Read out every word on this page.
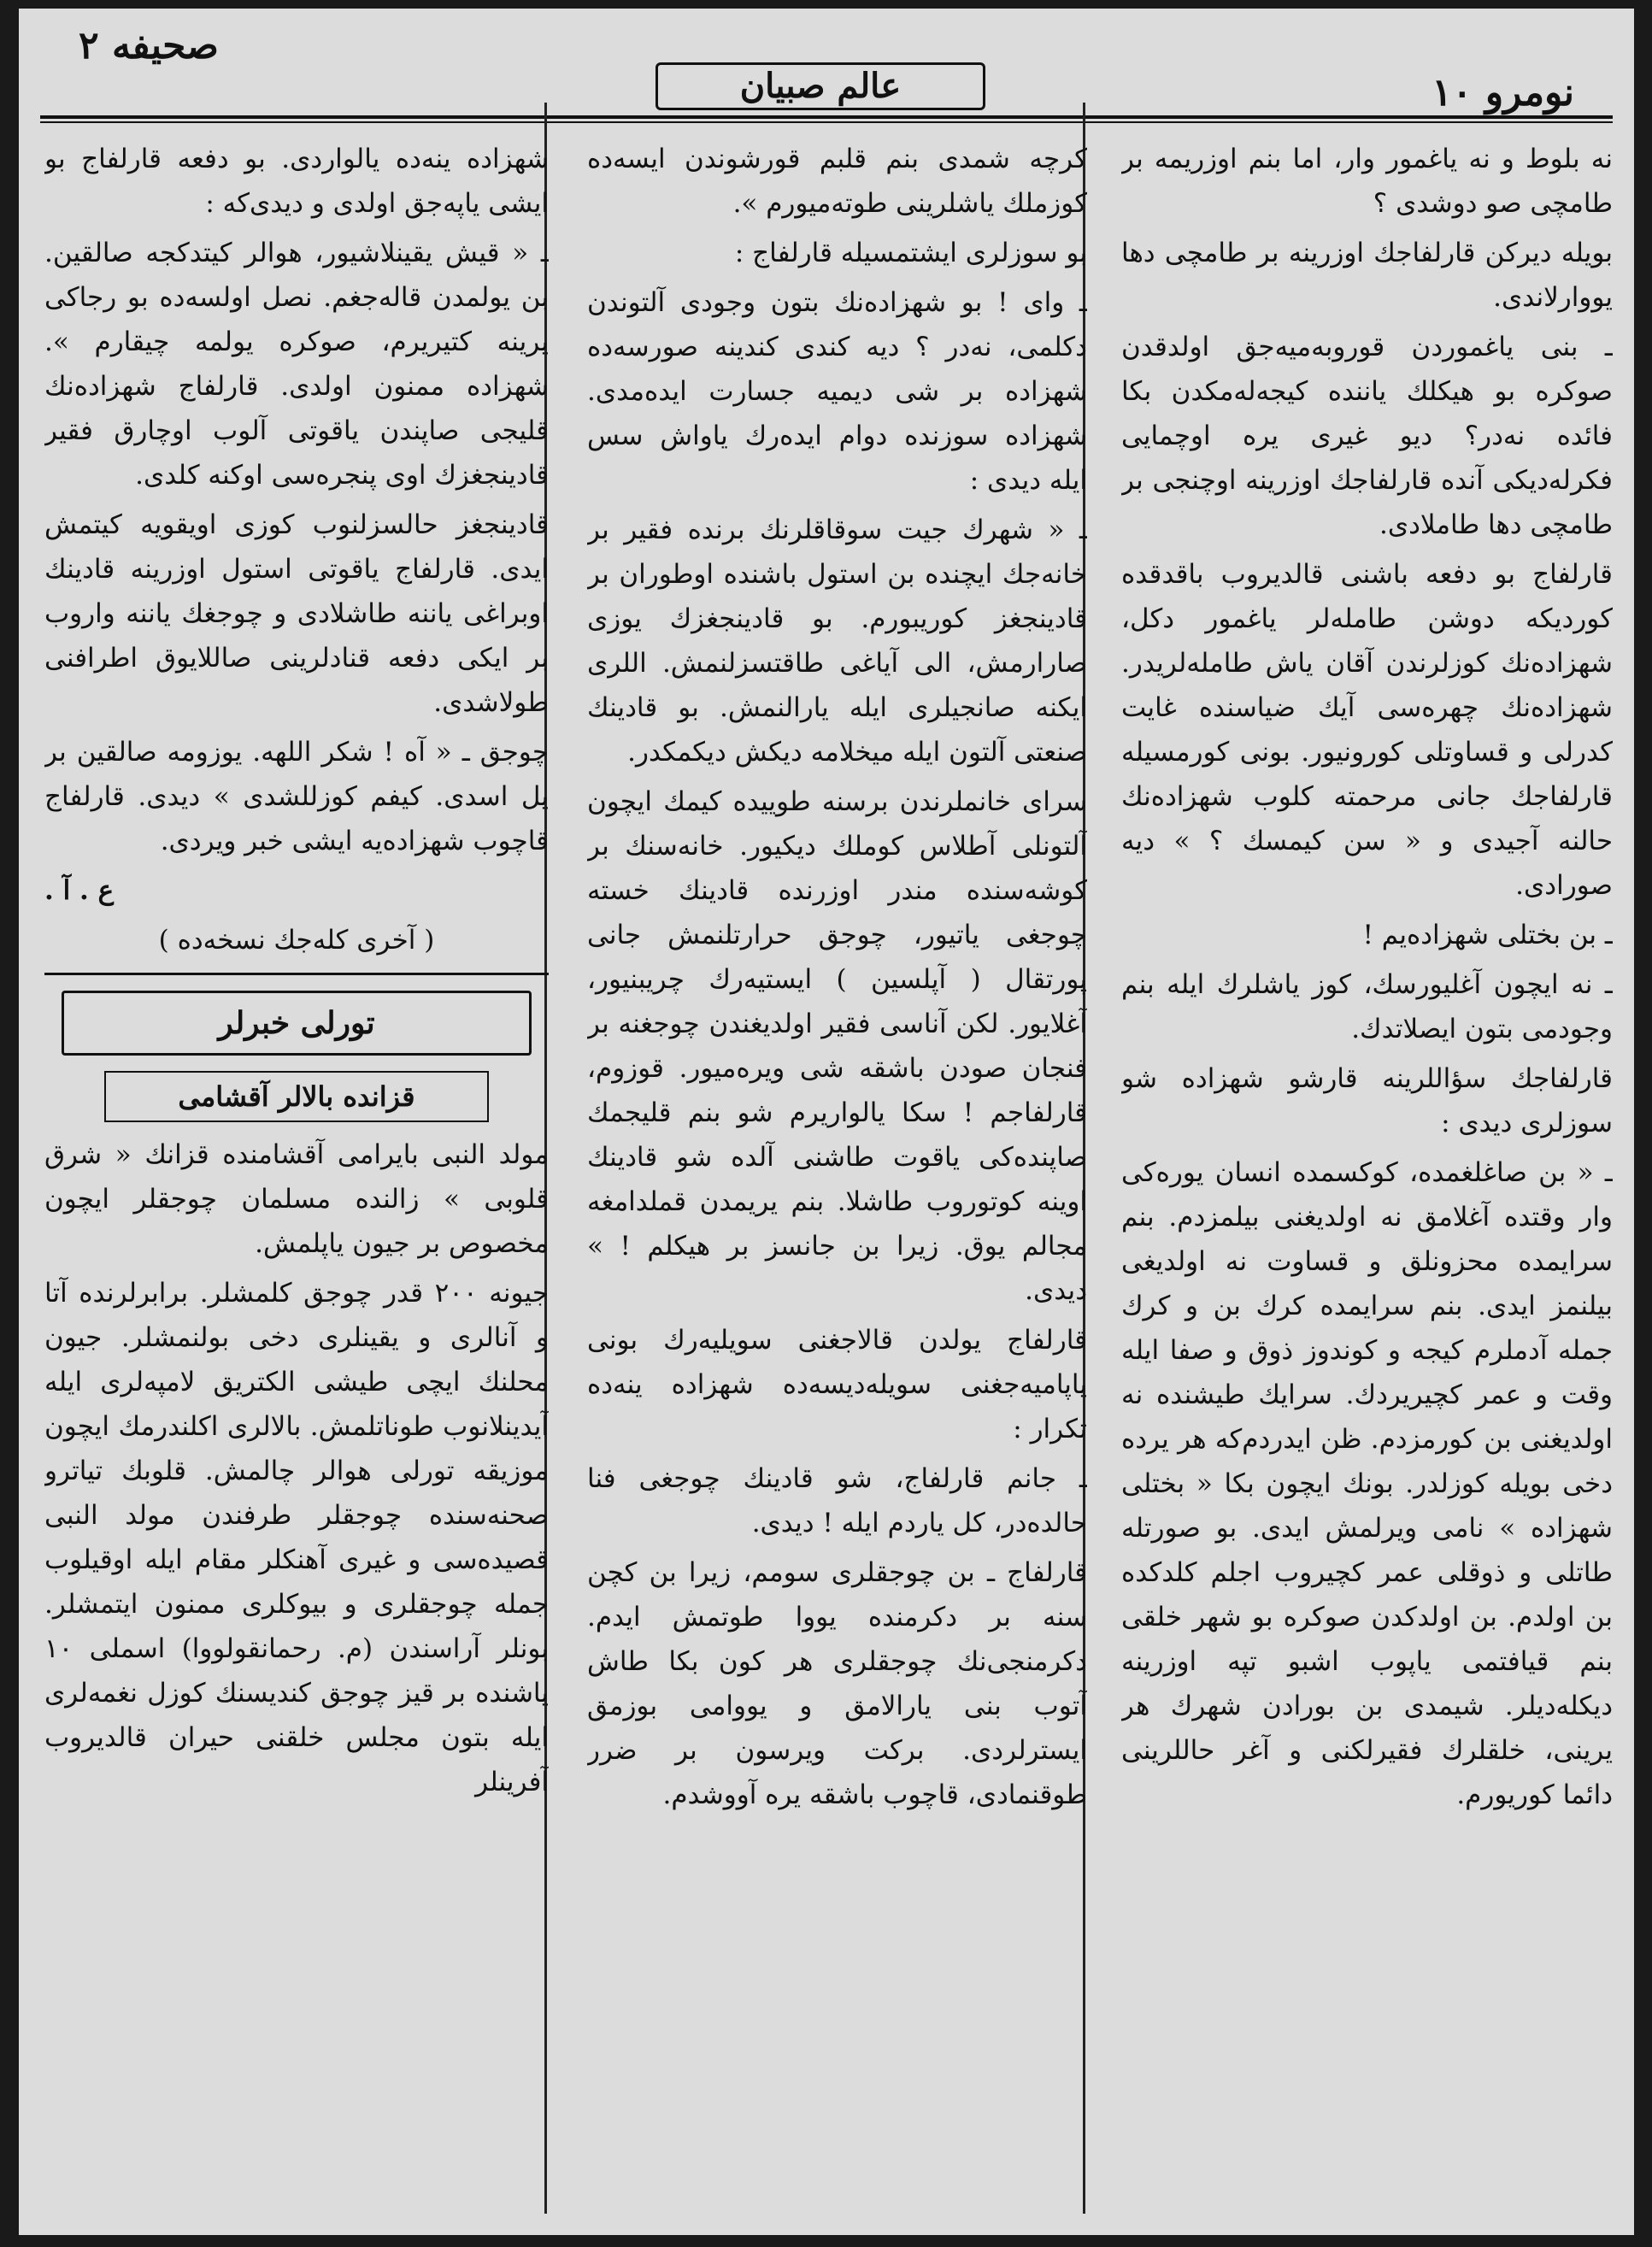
صحیفه ۲
عالم صبیان	نومرو ۱۰

نه بلوط و نه یاغمور وار، اما بنم اوزریمه بر طامچی صو دوشدی ؟

بویله دیرکن قارلفاجك اوزرینه بر طامچی دها یووارلاندی.

ـ بنی یاغموردن قوروبه‌میه‌جق اولدقدن صوکره بو هیکلك یاننده کیجه‌له‌مکدن بکا فائده نه‌در؟ دیو غیری یره اوچمایی فکرله‌دیکی آنده قارلفاجك اوزرینه اوچنجی بر طامچی دها طاملادی.

قارلفاج بو دفعه باشنی قالدیروب باقدقده کوردیکه دوشن طامله‌لر یاغمور دکل، شهزاده‌نك کوزلرندن آقان یاش طامله‌لریدر. شهزاده‌نك چهره‌سی آیك ضیاسنده غایت کدرلی و قساوتلی کورونیور. بونی کورمسیله قارلفاجك جانی مرحمته کلوب شهزاده‌نك حالنه آجیدی و « سن کیمسك ؟ » دیه صورادی.

ـ بن بختلی شهزاده‌یم !

ـ نه ایچون آغلیورسك، کوز یاشلرك ایله بنم وجودمی بتون ایصلاتدك.

قارلفاجك سؤاللرینه قارشو شهزاده شو سوزلری دیدی :

ـ « بن صاغلغمده، کوکسمده انسان یوره‌کی وار وقتده آغلامق نه اولدیغنی بیلمزدم. بنم سرایمده محزونلق و قساوت نه اولدیغی بیلنمز ایدی. بنم سرایمده کرك بن و کرك جمله آدملرم کیجه و کوندوز ذوق و صفا ایله وقت و عمر کچیریردك. سرایك طیشنده نه اولدیغنی بن کورمزدم. ظن ایدردم‌که هر یرده دخی بویله کوزلدر. بونك ایچون بکا « بختلی شهزاده » نامی ویرلمش ایدی. بو صورتله طاتلی و ذوقلی عمر کچیروب اجلم کلدکده بن اولدم. بن اولدکدن صوکره بو شهر خلقی بنم قیافتمی یاپوب اشبو تپه اوزرینه دیکله‌دیلر. شیمدی بن بورادن شهرك هر یرینی، خلقلرك فقیرلکنی و آغر حاللرینی دائما کوریورم.

کرچه شمدی بنم قلبم قورشوندن ایسه‌ده کوزملك یاشلرینی طوته‌میورم ».

بو سوزلری ایشتمسیله قارلفاج :

ـ وای ! بو شهزاده‌نك بتون وجودی آلتوندن دکلمی، نه‌در ؟ دیه کندی کندینه صورسه‌ده شهزاده بر شی دیمیه جسارت ایده‌مدی. شهزاده سوزنده دوام ایده‌رك یاواش سس ایله دیدی :

ـ « شهرك جیت سوقاقلرنك برنده فقیر بر خانه‌جك ایچنده بن استول باشنده اوطوران بر قادینجغز کوریبورم. بو قادینجغزك یوزی صارارمش، الی آیاغی طاقتسزلنمش. اللری ایکنه صانجیلری ایله یارالنمش. بو قادینك صنعتی آلتون ایله میخلامه دیکش دیکمکدر.

سرای خانملرندن برسنه طوییده کیمك ایچون آلتونلی آطلاس کوملك دیکیور. خانه‌سنك بر کوشه‌سنده مندر اوزرنده قادینك خسته چوجغی یاتیور، چوجق حرارتلنمش جانی پورتقال ( آپلسین ) ایستیه‌رك چریبنیور، آغلایور. لکن آناسی فقیر اولدیغندن چوجغنه بر فنجان صودن باشقه شی ویره‌میور. قوزوم، قارلفاجم ! سکا یالواریرم شو بنم قلیجمك صاپنده‌کی یاقوت طاشنی آلده شو قادینك اوینه کوتوروب طاشلا. بنم یریمدن قملدامغه مجالم یوق. زیرا بن جانسز بر هیکلم ! » دیدی.

قارلفاج یولدن قالاجغنی سویلیه‌رك بونی یاپامیه‌جغنی سویله‌دیسه‌ده شهزاده ینه‌ده تکرار :

ـ جانم قارلفاج، شو قادینك چوجغی فنا حالده‌در، کل یاردم ایله ! دیدی.

قارلفاج ـ بن چوجقلری سومم، زیرا بن کچن سنه بر دکرمنده یووا طوتمش ایدم. دکرمنجی‌نك چوجقلری هر کون بکا طاش آتوب بنی یارالامق و یووامی بوزمق ایسترلردی. برکت ویرسون بر ضرر طوقنمادی، قاچوب باشقه یره آووشدم.

شهزاده ینه‌ده یالواردی. بو دفعه قارلفاج بو ایشی یاپه‌جق اولدی و دیدی‌که :

ـ « قیش یقینلاشیور، هوالر کیتدکجه صالقین. بن یولمدن قاله‌جغم. نصل اولسه‌ده بو رجاکی یرینه کتیریرم، صوکره یولمه چیقارم ». شهزاده ممنون اولدی. قارلفاج شهزاده‌نك قلیجی صاپندن یاقوتی آلوب اوچارق فقیر قادینجغزك اوی پنجره‌سی اوکنه کلدی.

قادینجغز حالسزلنوب کوزی اویقویه کیتمش ایدی. قارلفاج یاقوتی استول اوزرینه قادینك اوبراغی یاننه طاشلادی و چوجغك یاننه واروب بر ایکی دفعه قنادلرینی صاللایوق اطرافنی طولاشدی.

چوجق ـ « آه ! شکر اللهه. یوزومه صالقین بر یل اسدی. کیفم کوزللشدی » دیدی. قارلفاج قاچوب شهزاده‌یه ایشی خبر ویردی.

ع . آ .

( آخری کله‌جك نسخه‌ده )

تورلی خبرلر
قزانده بالالر آقشامی

مولد النبی بایرامی آقشامنده قزانك « شرق قلوبی » زالنده مسلمان چوجقلر ایچون مخصوص بر جیون یاپلمش.

جیونه ۲۰۰ قدر چوجق کلمشلر. برابرلرنده آتا و آنالری و یقینلری دخی بولنمشلر. جیون محلنك ایچی طیشی الکتریق لامپه‌لری ایله آیدینلانوب طوناتلمش. بالالری اکلندرمك ایچون موزیقه تورلی هوالر چالمش. قلوبك تیاترو صحنه‌سنده چوجقلر طرفندن مولد النبی قصیده‌سی و غیری آهنکلر مقام ایله اوقیلوب جمله چوجقلری و بیوکلری ممنون ایتمشلر. بونلر آراسندن (م. رحمانقولووا) اسملی ۱۰ یاشنده بر قیز چوجق کندیسنك کوزل نغمه‌لری ایله بتون مجلس خلقنی حیران قالدیروب آفرینلر
